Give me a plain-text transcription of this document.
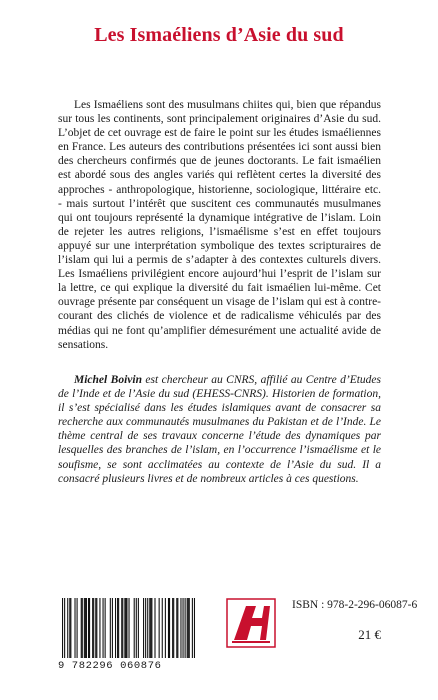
Les Ismaéliens d’Asie du sud

Les Ismaéliens sont des musulmans chiites qui, bien que répandus sur tous les continents, sont principalement originaires d’Asie du sud. L’objet de cet ouvrage est de faire le point sur les études ismaéliennes en France. Les auteurs des contributions présentées ici sont aussi bien des chercheurs confirmés que de jeunes doctorants. Le fait ismaélien est abordé sous des angles variés qui reflètent certes la diversité des approches - anthropologique, historienne, sociologique, littéraire etc. - mais surtout l’intérêt que suscitent ces communautés musulmanes qui ont toujours représenté la dynamique intégrative de l’islam. Loin de rejeter les autres religions, l’ismaélisme s’est en effet toujours appuyé sur une interprétation symbolique des textes scripturaires de l’islam qui lui a permis de s’adapter à des contextes culturels divers. Les Ismaéliens privilégient encore aujourd’hui l’esprit de l’islam sur la lettre, ce qui explique la diversité du fait ismaélien lui-même. Cet ouvrage présente par conséquent un visage de l’islam qui est à contre-courant des clichés de violence et de radicalisme véhiculés par des médias qui ne font qu’amplifier démesurément une actualité avide de sensations.

Michel Boivin est chercheur au CNRS, affilié au Centre d’Etudes de l’Inde et de l’Asie du sud (EHESS-CNRS). Historien de formation, il s’est spécialisé dans les études islamiques avant de consacrer sa recherche aux communautés musulmanes du Pakistan et de l’Inde. Le thème central de ses travaux concerne l’étude des dynamiques par lesquelles des branches de l’islam, en l’occurrence l’ismaélisme et le soufisme, se sont acclimatées au contexte de l’Asie du sud. Il a consacré plusieurs livres et de nombreux articles à ces questions.

9 782296 060876
ISBN : 978-2-296-06087-6
21 €
